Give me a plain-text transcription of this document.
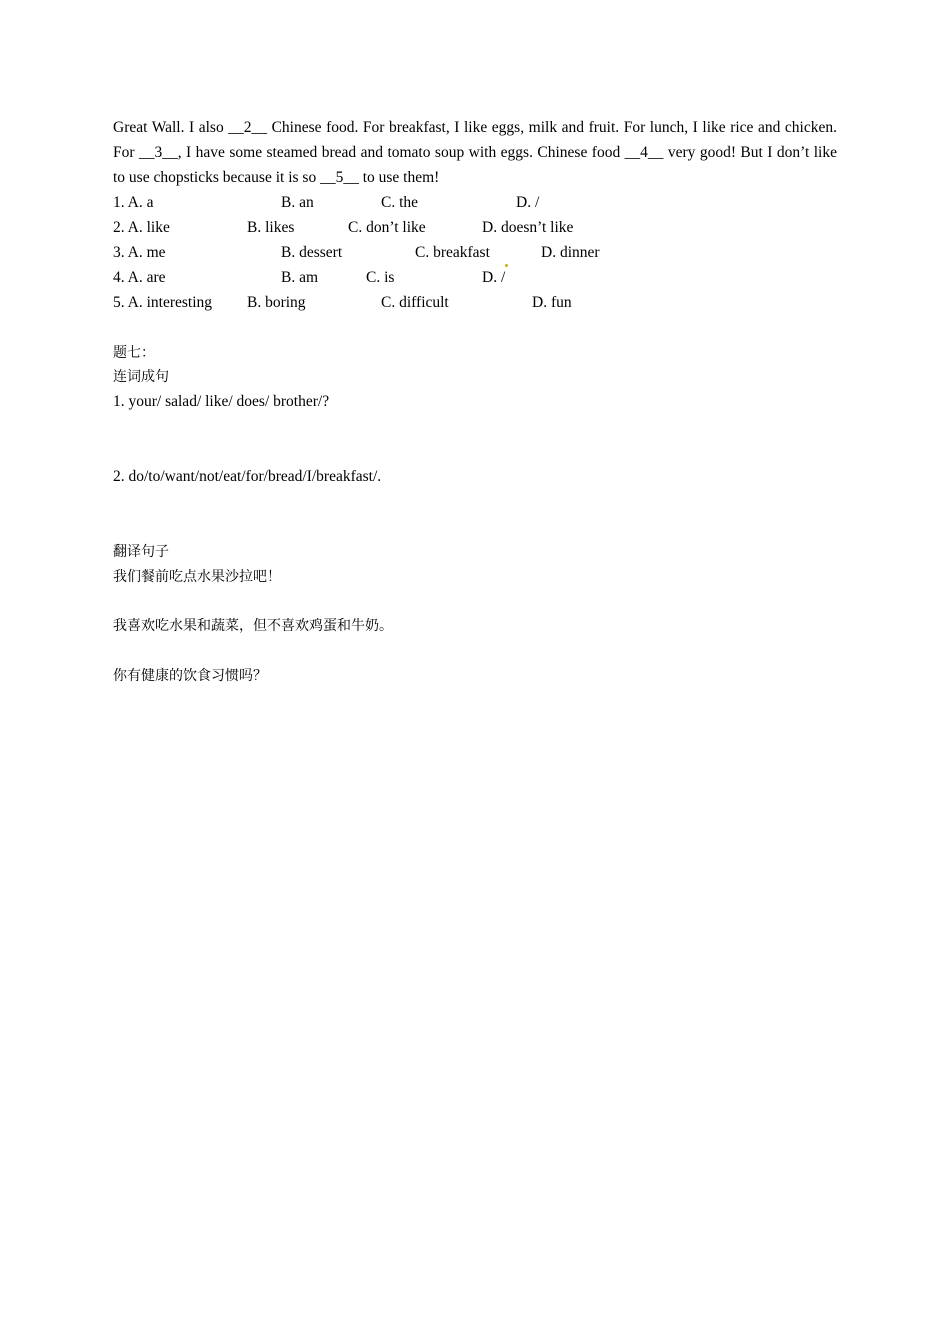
Great Wall. I also __2__ Chinese food. For breakfast, I like eggs, milk and fruit. For lunch, I like rice and chicken. For __3__, I have some steamed bread and tomato soup with eggs. Chinese food __4__ very good! But I don’t like to use chopsticks because it is so __5__ to use them!
1. A. a	B. an	C. the	D. /
2. A. like	B. likes	C. don’t like	D. doesn’t like
3. A. me	B. dessert	C. breakfast	D. dinner
4. A. are	B. am	C. is	D. /
5. A. interesting B. boring	C. difficult	D. fun
题七：
连词成句
1. your/ salad/ like/ does/ brother/?
2. do/to/want/not/eat/for/bread/I/breakfast/.
翻译句子
我们餐前吃点水果沙拉吧！
我喜欢吃水果和蔬菜，但不喜欢鸡蛋和牛奶。
你有健康的饮食习惯吗？
